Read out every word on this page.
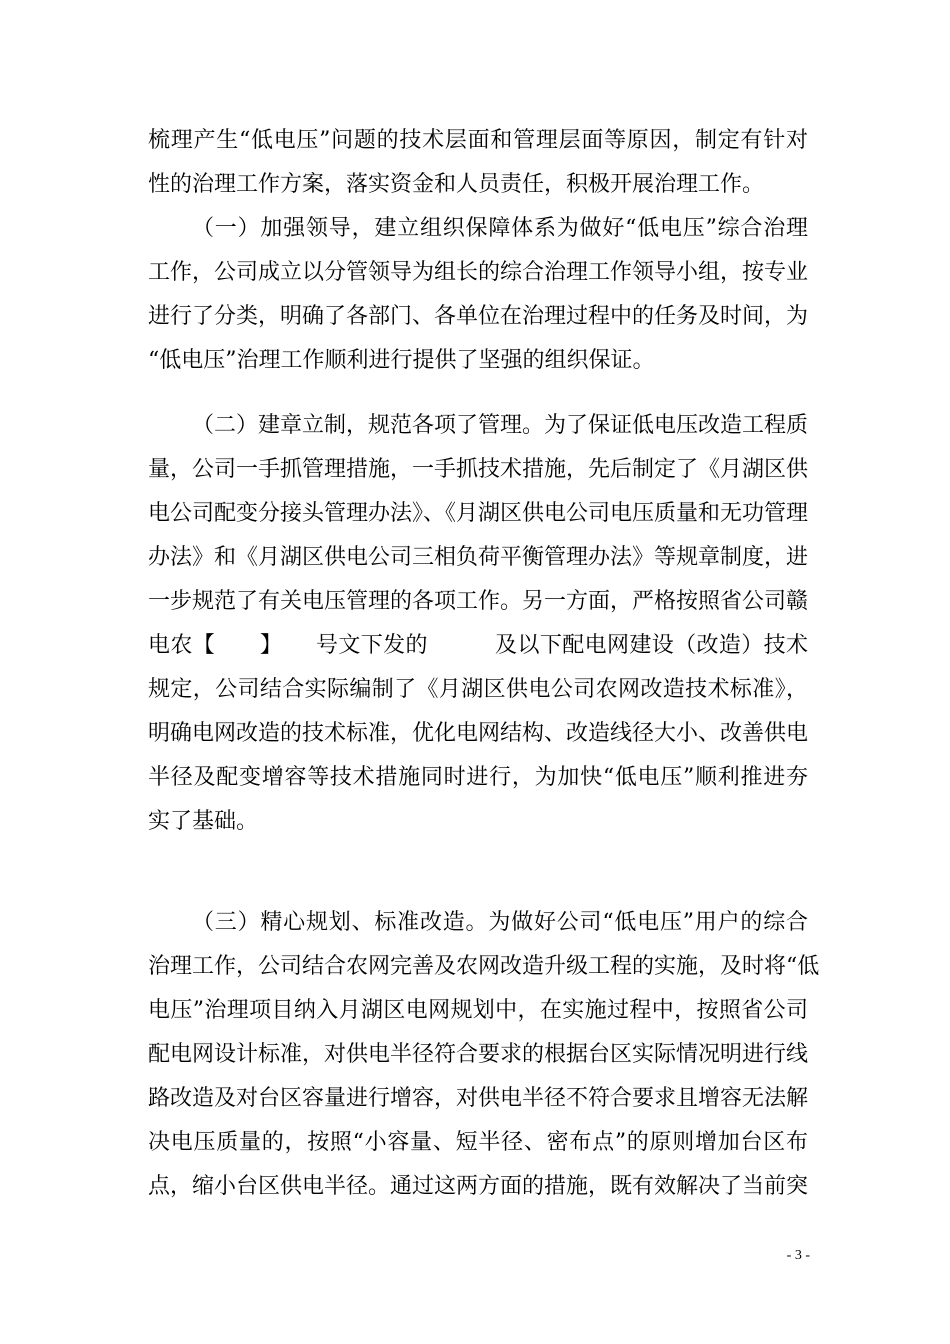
梳理产生“低电压”问题的技术层面和管理层面等原因，制定有针对
性的治理工作方案，落实资金和人员责任，积极开展治理工作。
（一）加强领导，建立组织保障体系为做好“低电压”综合治理
工作，公司成立以分管领导为组长的综合治理工作领导小组，按专业
进行了分类，明确了各部门、各单位在治理过程中的任务及时间，为
“低电压”治理工作顺利进行提供了坚强的组织保证。
（二）建章立制，规范各项了管理。为了保证低电压改造工程质
量，公司一手抓管理措施，一手抓技术措施，先后制定了《月湖区供
电公司配变分接头管理办法》、《月湖区供电公司电压质量和无功管理
办法》和《月湖区供电公司三相负荷平衡管理办法》等规章制度，进
一步规范了有关电压管理的各项工作。另一方面，严格按照省公司赣
电农【　　】　　号文下发的　　　及以下配电网建设（改造）技术
规定，公司结合实际编制了《月湖区供电公司农网改造技术标准》，
明确电网改造的技术标准，优化电网结构、改造线径大小、改善供电
半径及配变增容等技术措施同时进行，为加快“低电压”顺利推进夯
实了基础。
（三）精心规划、标准改造。为做好公司“低电压”用户的综合
治理工作，公司结合农网完善及农网改造升级工程的实施，及时将“低
电压”治理项目纳入月湖区电网规划中，在实施过程中，按照省公司
配电网设计标准，对供电半径符合要求的根据台区实际情况明进行线
路改造及对台区容量进行增容，对供电半径不符合要求且增容无法解
决电压质量的，按照“小容量、短半径、密布点”的原则增加台区布
点，缩小台区供电半径。通过这两方面的措施，既有效解决了当前突
- 3 -
